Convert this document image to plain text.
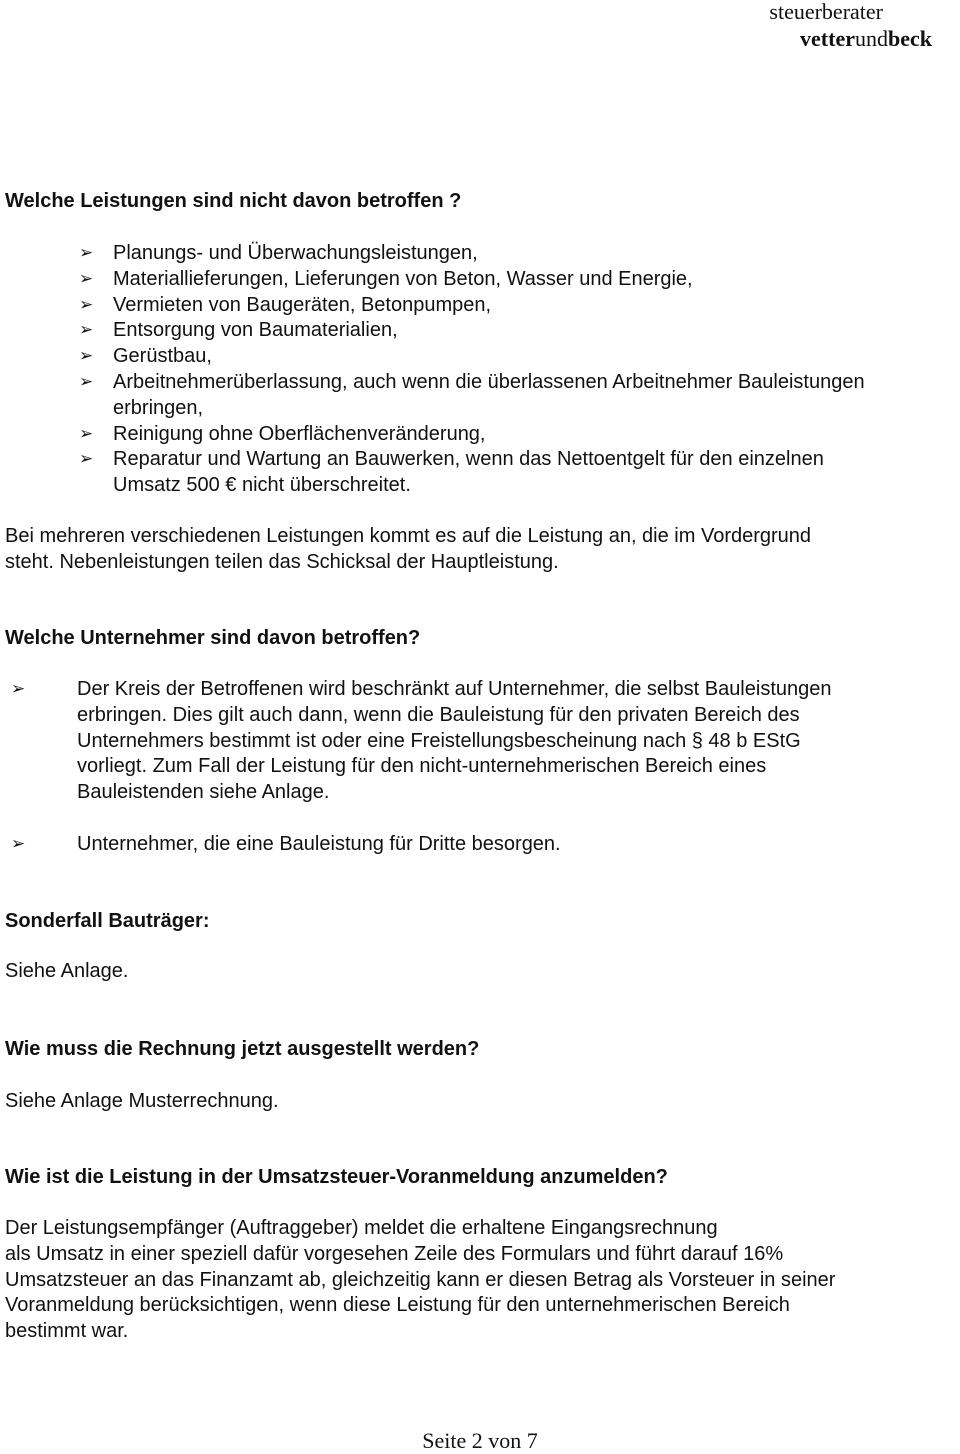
steuerberater
vetterundbeck
Welche Leistungen sind nicht davon betroffen ?
➢ Planungs- und Überwachungsleistungen,
➢ Materiallieferungen, Lieferungen von Beton, Wasser und Energie,
➢ Vermieten von Baugeräten, Betonpumpen,
➢ Entsorgung von Baumaterialien,
➢ Gerüstbau,
➢ Arbeitnehmerüberlassung, auch wenn die überlassenen Arbeitnehmer Bauleistungen
erbringen,
➢ Reinigung ohne Oberflächenveränderung,
➢ Reparatur und Wartung an Bauwerken, wenn das Nettoentgelt für den einzelnen
Umsatz 500 € nicht überschreitet.
Bei mehreren verschiedenen Leistungen kommt es auf die Leistung an, die im Vordergrund
steht. Nebenleistungen teilen das Schicksal der Hauptleistung.
Welche Unternehmer sind davon betroffen?
➢	Der Kreis der Betroffenen wird beschränkt auf Unternehmer, die selbst Bauleistungen
erbringen. Dies gilt auch dann, wenn die Bauleistung für den privaten Bereich des
Unternehmers bestimmt ist oder eine Freistellungsbescheinung nach § 48 b EStG
vorliegt. Zum Fall der Leistung für den nicht-unternehmerischen Bereich eines
Bauleistenden siehe Anlage.
➢	Unternehmer, die eine Bauleistung für Dritte besorgen.
Sonderfall Bauträger:
Siehe Anlage.
Wie muss die Rechnung jetzt ausgestellt werden?
Siehe Anlage Musterrechnung.
Wie ist die Leistung in der Umsatzsteuer-Voranmeldung anzumelden?
Der Leistungsempfänger (Auftraggeber) meldet die erhaltene Eingangsrechnung
als Umsatz in einer speziell dafür vorgesehen Zeile des Formulars und führt darauf 16%
Umsatzsteuer an das Finanzamt ab, gleichzeitig kann er diesen Betrag als Vorsteuer in seiner
Voranmeldung berücksichtigen, wenn diese Leistung für den unternehmerischen Bereich
bestimmt war.
Seite 2 von 7
